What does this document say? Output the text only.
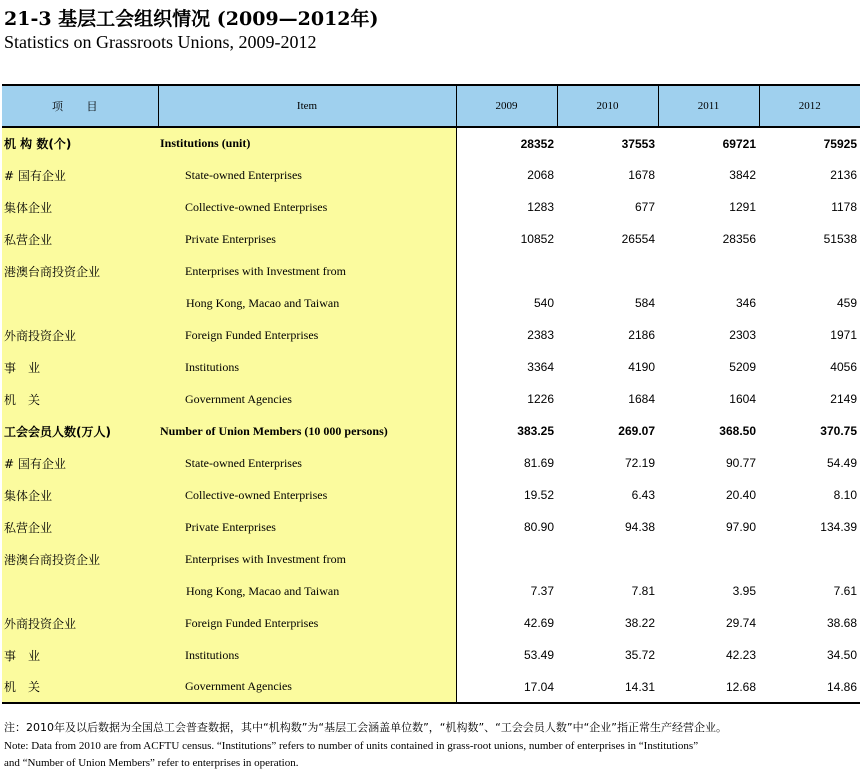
21-3 基层工会组织情况 (2009—2012年)
Statistics on Grassroots Unions, 2009-2012
项 目	Item	2009	2010	2011	2012
机 构 数(个)	Institutions (unit)	28352	37553	69721	75925
# 国有企业	State-owned Enterprises	2068	1678	3842	2136
集体企业	Collective-owned Enterprises	1283	677	1291	1178
私营企业	Private Enterprises	10852	26554	28356	51538
港澳台商投资企业	Enterprises with Investment from				
	Hong Kong, Macao and Taiwan	540	584	346	459
外商投资企业	Foreign Funded Enterprises	2383	2186	2303	1971
事　业	Institutions	3364	4190	5209	4056
机　关	Government Agencies	1226	1684	1604	2149
工会会员人数(万人)	Number of Union Members (10 000 persons)	383.25	269.07	368.50	370.75
# 国有企业	State-owned Enterprises	81.69	72.19	90.77	54.49
集体企业	Collective-owned Enterprises	19.52	6.43	20.40	8.10
私营企业	Private Enterprises	80.90	94.38	97.90	134.39
港澳台商投资企业	Enterprises with Investment from				
	Hong Kong, Macao and Taiwan	7.37	7.81	3.95	7.61
外商投资企业	Foreign Funded Enterprises	42.69	38.22	29.74	38.68
事　业	Institutions	53.49	35.72	42.23	34.50
机　关	Government Agencies	17.04	14.31	12.68	14.86
注：2010年及以后数据为全国总工会普查数据，其中“机构数”为“基层工会涵盖单位数”，“机构数”、“工会会员人数”中“企业”指正常生产经营企业。
Note: Data from 2010 are from ACFTU census. “Institutions” refers to number of units contained in grass-root unions, number of enterprises in “Institutions”
and “Number of Union Members” refer to enterprises in operation.
